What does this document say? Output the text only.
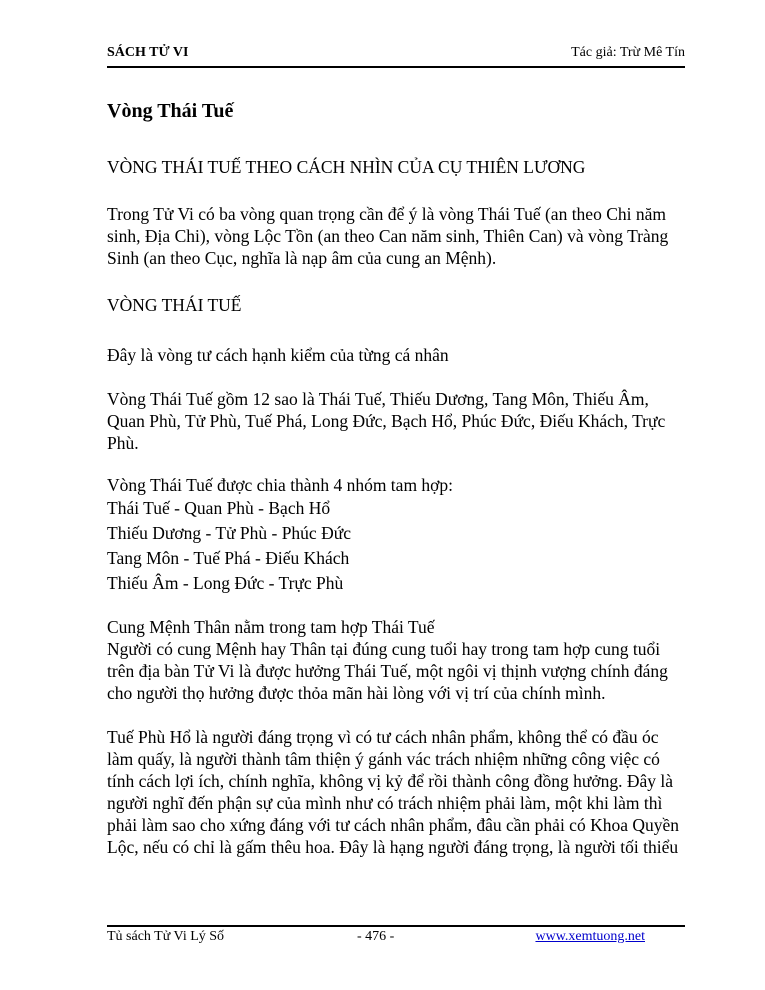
SÁCH TỬ VI	Tác giả: Trừ Mê Tín

Vòng Thái Tuế

VÒNG THÁI TUẾ THEO CÁCH NHÌN CỦA CỤ THIÊN LƯƠNG

Trong Tử Vi có ba vòng quan trọng cần để ý là vòng Thái Tuế (an theo Chi năm sinh, Địa Chi), vòng Lộc Tồn (an theo Can năm sinh, Thiên Can) và vòng Tràng Sinh (an theo Cục, nghĩa là nạp âm của cung an Mệnh).

VÒNG THÁI TUẾ

Đây là vòng tư cách hạnh kiểm của từng cá nhân

Vòng Thái Tuế gồm 12 sao là Thái Tuế, Thiếu Dương, Tang Môn, Thiếu Âm, Quan Phù, Tử Phù, Tuế Phá, Long Đức, Bạch Hổ, Phúc Đức, Điếu Khách, Trực Phù.

Vòng Thái Tuế được chia thành 4 nhóm tam hợp:

Thái Tuế - Quan Phù - Bạch Hổ

Thiếu Dương - Tử Phù - Phúc Đức

Tang Môn - Tuế Phá - Điếu Khách

Thiếu Âm - Long Đức - Trực Phù

Cung Mệnh Thân nằm trong tam hợp Thái Tuế

Người có cung Mệnh hay Thân tại đúng cung tuổi hay trong tam hợp cung tuổi trên địa bàn Tử Vi là được hưởng Thái Tuế, một ngôi vị thịnh vượng chính đáng cho người thọ hưởng được thỏa mãn hài lòng với vị trí của chính mình.

Tuế Phù Hổ là người đáng trọng vì có tư cách nhân phẩm, không thể có đầu óc làm quấy, là người thành tâm thiện ý gánh vác trách nhiệm những công việc có tính cách lợi ích, chính nghĩa, không vị kỷ để rồi thành công đồng hưởng. Đây là người nghĩ đến phận sự của mình như có trách nhiệm phải làm, một khi làm thì phải làm sao cho xứng đáng với tư cách nhân phẩm, đâu cần phải có Khoa Quyền Lộc, nếu có chỉ là gấm thêu hoa. Đây là hạng người đáng trọng, là người tối thiểu

Tủ sách Tử Vi Lý Số	- 476 -	www.xemtuong.net
